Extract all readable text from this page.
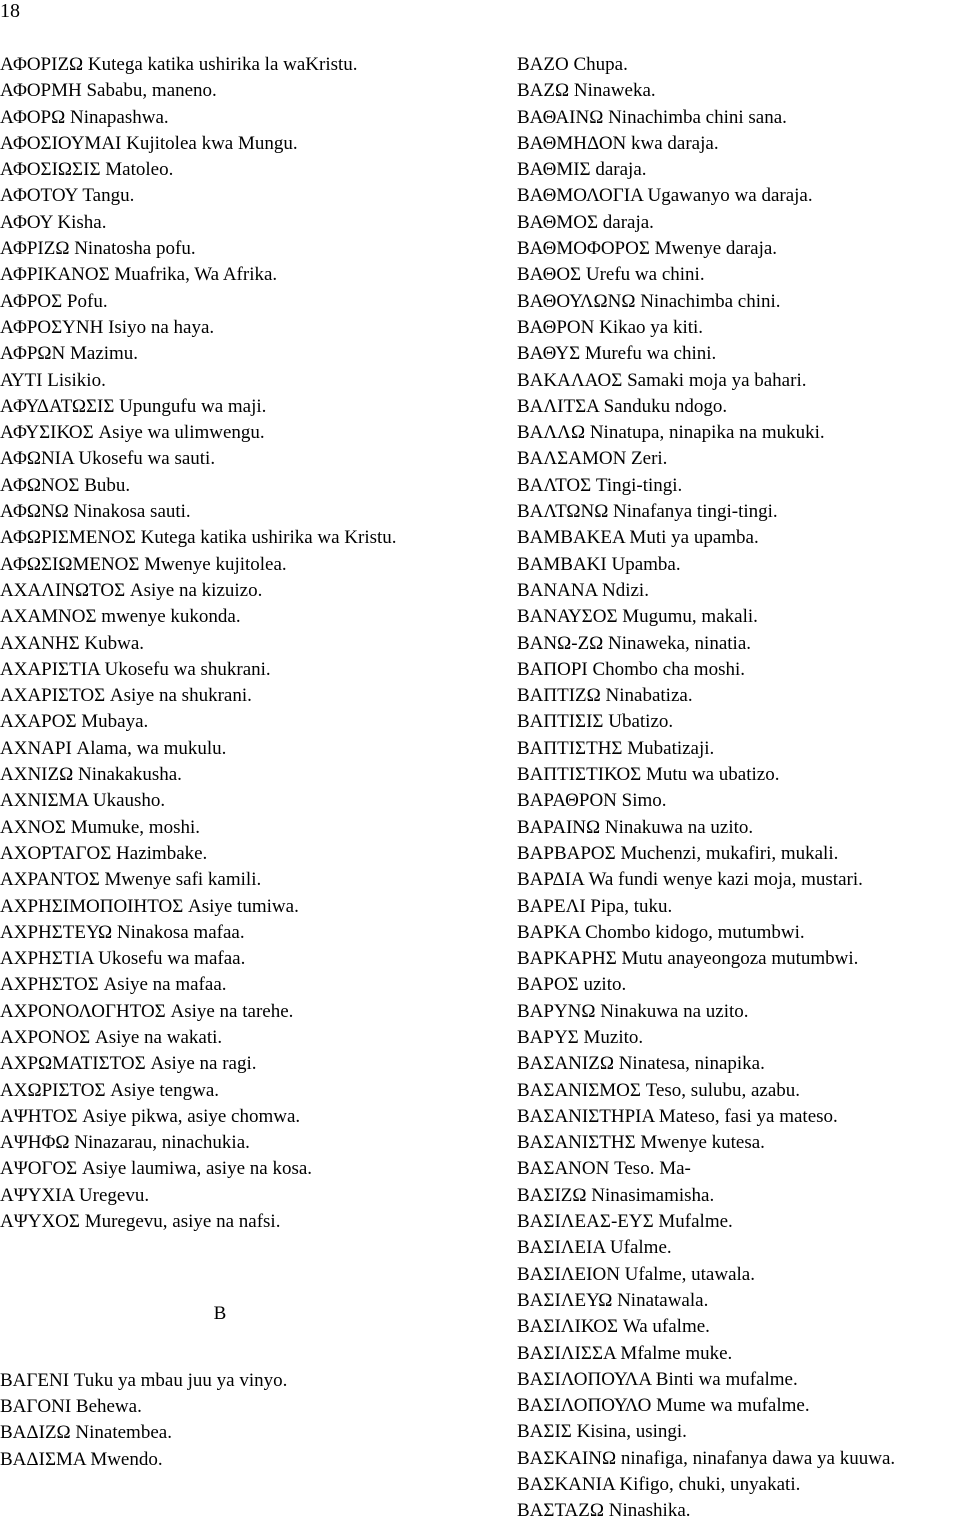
18
ΑΦΟΡΙΖΩ Kutega katika ushirika la waKristu.
ΑΦΟΡΜΗ Sababu, maneno.
ΑΦΟΡΩ Ninapashwa.
ΑΦΟΣΙΟΥΜΑΙ Kujitolea kwa Mungu.
ΑΦΟΣΙΩΣΙΣ Matoleo.
ΑΦΟΤΟΥ Tangu.
ΑΦΟΥ Kisha.
ΑΦΡΙΖΩ Ninatosha pofu.
ΑΦΡΙΚΑΝΟΣ Muafrika, Wa Afrika.
ΑΦΡΟΣ Pofu.
ΑΦΡΟΣΥΝΗ Isiyo na haya.
ΑΦΡΩΝ Mazimu.
ΑΥΤΙ Lisikio.
ΑΦΥΔΑΤΩΣΙΣ Upungufu wa maji.
ΑΦΥΣΙΚΟΣ Asiye wa ulimwengu.
ΑΦΩΝΙΑ Ukosefu wa sauti.
ΑΦΩΝΟΣ Bubu.
ΑΦΩΝΩ Ninakosa sauti.
ΑΦΩΡΙΣΜΕΝΟΣ Kutega katika ushirika wa Kristu.
ΑΦΩΣΙΩΜΕΝΟΣ Mwenye kujitolea.
ΑΧΑΛΙΝΩΤΟΣ Asiye na kizuizo.
ΑΧΑΜΝΟΣ mwenye kukonda.
ΑΧΑΝΗΣ Kubwa.
ΑΧΑΡΙΣΤΙΑ Ukosefu wa shukrani.
ΑΧΑΡΙΣΤΟΣ Asiye na shukrani.
ΑΧΑΡΟΣ Mubaya.
ΑΧΝΑΡΙ Alama, wa mukulu.
ΑΧΝΙΖΩ Ninakakusha.
ΑΧΝΙΣΜΑ Ukausho.
ΑΧΝΟΣ Mumuke, moshi.
ΑΧΟΡΤΑΓΟΣ Hazimbake.
ΑΧΡΑΝΤΟΣ Mwenye safi kamili.
ΑΧΡΗΣΙΜΟΠΟΙΗΤΟΣ Asiye tumiwa.
ΑΧΡΗΣΤΕΥΩ Ninakosa mafaa.
ΑΧΡΗΣΤΙΑ Ukosefu wa mafaa.
ΑΧΡΗΣΤΟΣ Asiye na mafaa.
ΑΧΡΟΝΟΛΟΓΗΤΟΣ Asiye na tarehe.
ΑΧΡΟΝΟΣ Asiye na wakati.
ΑΧΡΩΜΑΤΙΣΤΟΣ Asiye na ragi.
ΑΧΩΡΙΣΤΟΣ Asiye tengwa.
ΑΨΗΤΟΣ Asiye pikwa, asiye chomwa.
ΑΨΗΦΩ Ninazarau, ninachukia.
ΑΨΟΓΟΣ Asiye laumiwa, asiye na kosa.
ΑΨΥΧΙΑ Uregevu.
ΑΨΥΧΟΣ Muregevu, asiye na nafsi.
B
ΒΑΓΕΝΙ Tuku ya mbau juu ya vinyo.
ΒΑΓΟΝΙ Behewa.
ΒΑΔΙΖΩ Ninatembea.
ΒΑΔΙΣΜΑ Mwendo.
ΒΑΖΟ Chupa.
ΒΑΖΩ Ninaweka.
ΒΑΘΑΙΝΩ Ninachimba chini sana.
ΒΑΘΜΗΔΟΝ kwa daraja.
ΒΑΘΜΙΣ daraja.
ΒΑΘΜΟΛΟΓΙΑ Ugawanyo wa daraja.
ΒΑΘΜΟΣ daraja.
ΒΑΘΜΟΦΟΡΟΣ Mwenye daraja.
ΒΑΘΟΣ Urefu wa chini.
ΒΑΘΟΥΛΩΝΩ Ninachimba chini.
ΒΑΘΡΟΝ Kikao ya kiti.
ΒΑΘΥΣ Murefu wa chini.
ΒΑΚΑΛΑΟΣ Samaki moja ya bahari.
ΒΑΛΙΤΣΑ Sanduku ndogo.
ΒΑΛΛΩ Ninatupa, ninapika na mukuki.
ΒΑΛΣΑΜΟΝ Zeri.
ΒΑΛΤΟΣ Tingi-tingi.
ΒΑΛΤΩΝΩ Ninafanya tingi-tingi.
ΒΑΜΒΑΚΕΑ Muti ya upamba.
ΒΑΜΒΑΚΙ Upamba.
ΒΑΝΑΝΑ Ndizi.
ΒΑΝΑΥΣΟΣ Mugumu, makali.
ΒΑΝΩ-ΖΩ Ninaweka, ninatia.
ΒΑΠΟΡΙ Chombo cha moshi.
ΒΑΠΤΙΖΩ Ninabatiza.
ΒΑΠΤΙΣΙΣ Ubatizo.
ΒΑΠΤΙΣΤΗΣ Mubatizaji.
ΒΑΠΤΙΣΤΙΚΟΣ Mutu wa ubatizo.
ΒΑΡΑΘΡΟΝ Simo.
ΒΑΡΑΙΝΩ Ninakuwa na uzito.
ΒΑΡΒΑΡΟΣ Muchenzi, mukafiri, mukali.
ΒΑΡΔΙΑ Wa fundi wenye kazi moja, mustari.
ΒΑΡΕΛΙ Pipa, tuku.
ΒΑΡΚΑ Chombo kidogo, mutumbwi.
ΒΑΡΚΑΡΗΣ Mutu anayeongoza mutumbwi.
ΒΑΡΟΣ uzito.
ΒΑΡΥΝΩ Ninakuwa na uzito.
ΒΑΡΥΣ Muzito.
ΒΑΣΑΝΙΖΩ Ninatesa, ninapika.
ΒΑΣΑΝΙΣΜΟΣ Teso, sulubu, azabu.
ΒΑΣΑΝΙΣΤΗΡΙΑ Mateso, fasi ya mateso.
ΒΑΣΑΝΙΣΤΗΣ Mwenye kutesa.
ΒΑΣΑΝΟΝ Teso. Ma-
ΒΑΣΙΖΩ Ninasimamisha.
ΒΑΣΙΛΕΑΣ-ΕΥΣ Mufalme.
ΒΑΣΙΛΕΙΑ Ufalme.
ΒΑΣΙΛΕΙΟΝ Ufalme, utawala.
ΒΑΣΙΛΕΥΩ Ninatawala.
ΒΑΣΙΛΙΚΟΣ Wa ufalme.
ΒΑΣΙΛΙΣΣΑ Mfalme muke.
ΒΑΣΙΛΟΠΟΥΛΑ Binti wa mufalme.
ΒΑΣΙΛΟΠΟΥΛΟ Mume wa mufalme.
ΒΑΣΙΣ Kisina, usingi.
ΒΑΣΚΑΙΝΩ ninafiga, ninafanya dawa ya kuuwa.
ΒΑΣΚΑΝΙΑ Kifigo, chuki, unyakati.
ΒΑΣΤΑΖΩ Ninashika.
